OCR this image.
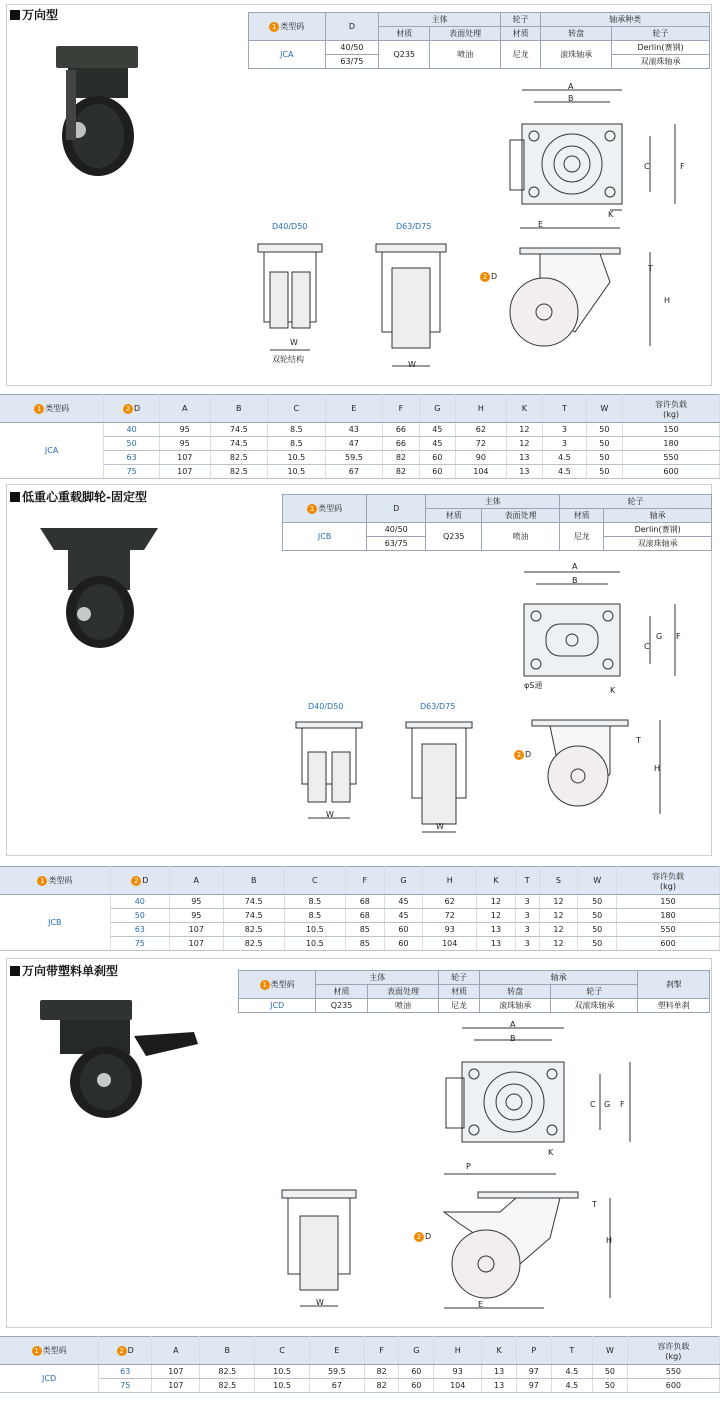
万向型
1 类型码	D	主体		轮子	轴承种类	
		材质	表面处理	材质	转盘	轮子
JCA	40/50	Q235	喷油	尼龙	滚珠轴承	Derlin(赛钢)
	63/75					双滚珠轴承
A
B
C	F
K
E
T
H
2 D
D40/D50	D63/D75
W
双轮结构
W
1 类型码	2 D	A	B	C	E	F	G	H	K	T	W	容许负载
(kg)
JCA	40	95	74.5	8.5	43	66	45	62	12	3	50	150
	50	95	74.5	8.5	47	66	45	72	12	3	50	180
	63	107	82.5	10.5	59.5	82	60	90	13	4.5	50	550
	75	107	82.5	10.5	67	82	60	104	13	4.5	50	600
低重心重载脚轮-固定型
1 类型码	D	主体		轮子	
		材质	表面处理	材质	轴承
JCB	40/50	Q235	喷油	尼龙	Derlin(赛钢)
	63/75				双滚珠轴承
A
B
C
G F
φS通
K
T
H
2 D
D40/D50	D63/D75
W
W
1 类型码	2 D	A	B	C	F	G	H	K	T	S	W	容许负载
(kg)
JCB	40	95	74.5	8.5	68	45	62	12	3	12	50	150
	50	95	74.5	8.5	68	45	72	12	3	12	50	180
	63	107	82.5	10.5	85	60	93	13	3	12	50	550
	75	107	82.5	10.5	85	60	104	13	3	12	50	600
万向带塑料单刹型
1 类型码	主体		轮子	轴承		刹掣
	材质	表面处理	材质	转盘	轮子	
JCD	Q235	喷油	尼龙	滚珠轴承	双滚珠轴承	塑料单刹
A
B
C G F
K
P
T
H
E
2 D
W
1 类型码	2 D	A	B	C	E	F	G	H	K	P	T	W	容许负载
(kg)
JCD	63	107	82.5	10.5	59.5	82	60	93	13	97	4.5	50	550
	75	107	82.5	10.5	67	82	60	104	13	97	4.5	50	600
